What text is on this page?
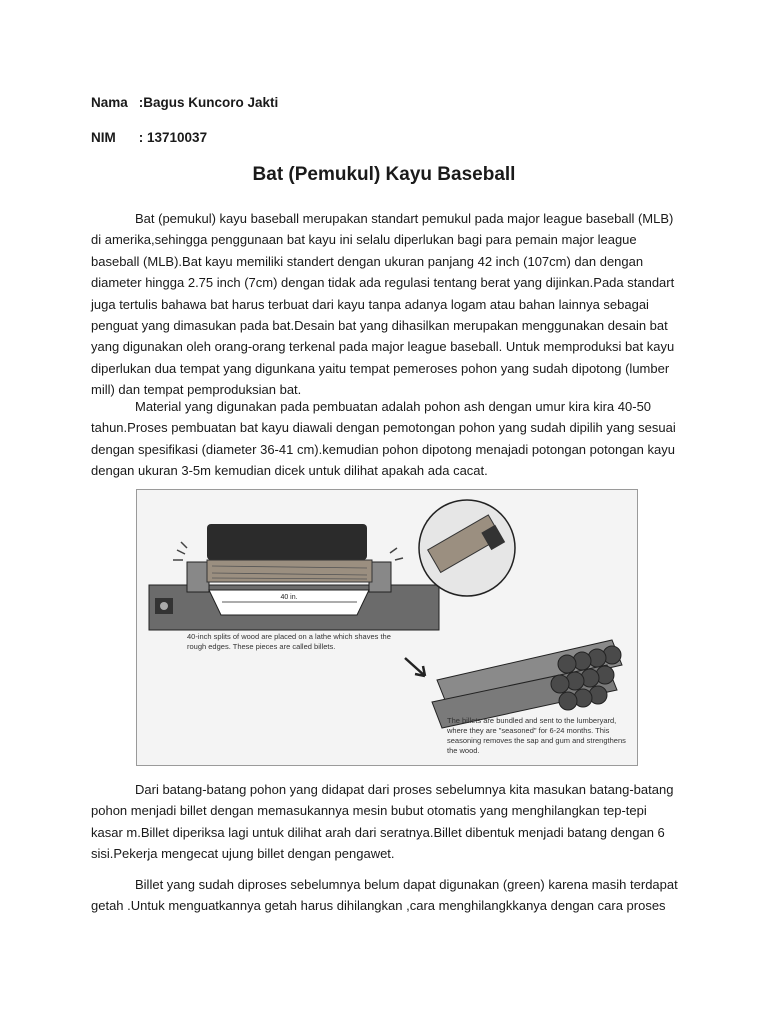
Nama :Bagus Kuncoro Jakti
NIM : 13710037
Bat (Pemukul) Kayu Baseball

Bat (pemukul) kayu baseball merupakan standart pemukul pada major league baseball (MLB) di amerika,sehingga penggunaan bat kayu ini selalu diperlukan bagi para pemain major league baseball (MLB).Bat kayu memiliki standert dengan ukuran panjang 42 inch (107cm) dan dengan diameter hingga 2.75 inch (7cm) dengan tidak ada regulasi tentang berat yang dijinkan.Pada standart juga tertulis bahawa bat harus terbuat dari kayu tanpa adanya logam atau bahan lainnya sebagai penguat yang dimasukan pada bat.Desain bat yang dihasilkan merupakan menggunakan desain bat yang digunakan oleh orang-orang terkenal pada major league baseball. Untuk memproduksi bat kayu diperlukan dua tempat yang digunkana yaitu tempat pemeroses pohon yang sudah dipotong (lumber mill) dan tempat pemproduksian bat.

Material yang digunakan pada pembuatan adalah pohon ash dengan umur kira kira 40-50 tahun.Proses pembuatan bat kayu diawali dengan pemotongan pohon yang sudah dipilih yang sesuai dengan spesifikasi (diameter 36-41 cm).kemudian pohon dipotong menajadi potongan potongan kayu dengan ukuran 3-5m kemudian dicek untuk dilihat apakah ada cacat.

40 in.
40-inch splits of wood are placed on a lathe which shaves the rough edges. These pieces are called billets.
The billets are bundled and sent to the lumberyard, where they are "seasoned" for 6-24 months. This seasoning removes the sap and gum and strengthens the wood.

Dari batang-batang pohon yang didapat dari proses sebelumnya kita masukan batang-batang pohon menjadi billet dengan memasukannya mesin bubut otomatis yang menghilangkan tep-tepi kasar m.Billet diperiksa lagi untuk dilihat arah dari seratnya.Billet dibentuk menjadi batang dengan 6 sisi.Pekerja mengecat ujung billet dengan pengawet.

Billet yang sudah diproses sebelumnya belum dapat digunakan (green) karena masih terdapat getah .Untuk menguatkannya getah harus dihilangkan ,cara menghilangkkanya dengan cara proses
